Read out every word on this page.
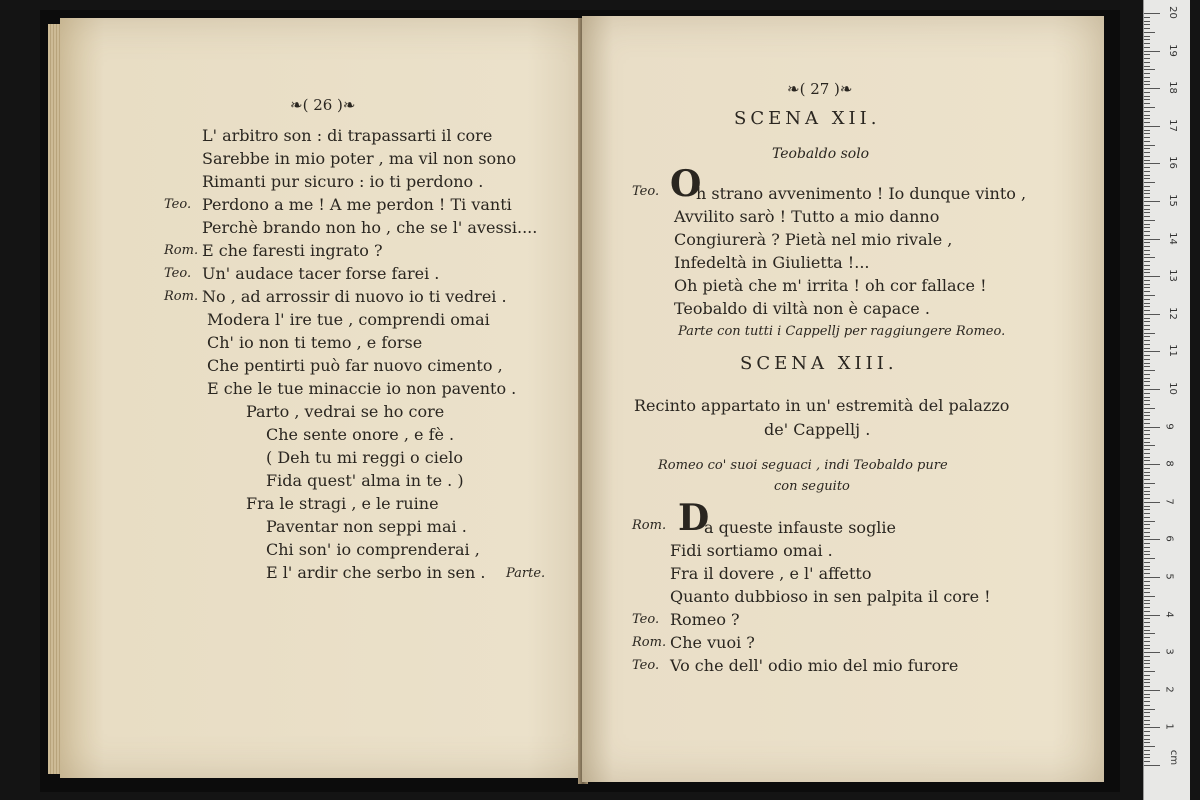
❧( 26 )❧
L' arbitro son : di trapassarti il core
Sarebbe in mio poter , ma vil non sono
Rimanti pur sicuro : io ti perdono .
Teo. Perdono a me ! A me perdon ! Ti vanti
Perchè brando non ho , che se l' avessi....
Rom. E che faresti ingrato ?
Teo. Un' audace tacer forse farei .
Rom. No , ad arrossir di nuovo io ti vedrei .
Modera l' ire tue , comprendi omai
Ch' io non ti temo , e forse
Che pentirti può far nuovo cimento ,
E che le tue minaccie io non pavento .
Parto , vedrai se ho core
Che sente onore , e fè .
( Deh tu mi reggi o cielo
Fida quest' alma in te . )
Fra le stragi , e le ruine
Paventar non seppi mai .
Chi son' io comprenderai ,
E l' ardir che serbo in sen . Parte.
❧( 27 )❧
SCENA XII.
Teobaldo solo
Teo. O
Parte con tutti i Cappellj per raggiungere Romeo.
SCENA XIII.
Recinto appartato in un' estremità del palazzo
de' Cappellj .
Romeo co' suoi seguaci , indi Teobaldo pure
con seguito
Rom. D
h strano avvenimento ! Io dunque vinto ,
Avvilito sarò ! Tutto a mio danno
Congiurerà ? Pietà nel mio rivale ,
Infedeltà in Giulietta !...
Oh pietà che m' irrita ! oh cor fallace !
Teobaldo di viltà non è capace .
a queste infauste soglie
Fidi sortiamo omai .
Fra il dovere , e l' affetto
Quanto dubbioso in sen palpita il core !
Teo. Romeo ?
Rom. Che vuoi ?
Teo. Vo che dell' odio mio del mio furore
cm
1
2
3
4
5
6
7
8
9
10
11
12
13
14
15
16
17
18
19
20
